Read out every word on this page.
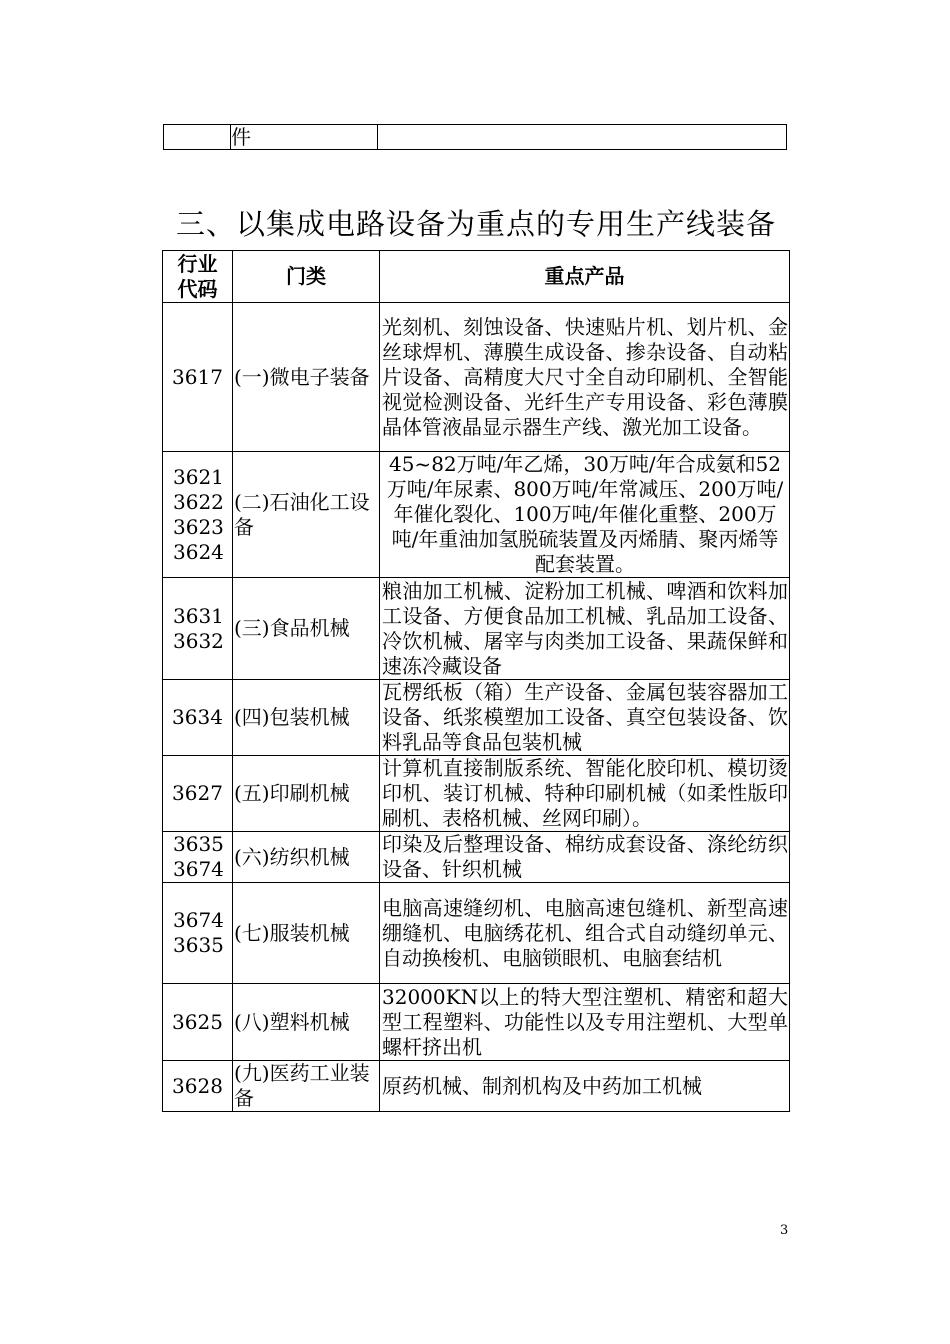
	件	
三、以集成电路设备为重点的专用生产线装备
行业代码	门类	重点产品
3617	(一)微电子装备	光刻机、刻蚀设备、快速贴片机、划片机、金丝球焊机、薄膜生成设备、掺杂设备、自动粘片设备、高精度大尺寸全自动印刷机、全智能视觉检测设备、光纤生产专用设备、彩色薄膜晶体管液晶显示器生产线、激光加工设备。
3621 3622 3623 3624	(二)石油化工设备	45~82万吨/年乙烯，30万吨/年合成氨和52万吨/年尿素、800万吨/年常减压、200万吨/年催化裂化、100万吨/年催化重整、200万吨/年重油加氢脱硫装置及丙烯腈、聚丙烯等配套装置。
3631 3632	(三)食品机械	粮油加工机械、淀粉加工机械、啤酒和饮料加工设备、方便食品加工机械、乳品加工设备、冷饮机械、屠宰与肉类加工设备、果蔬保鲜和速冻冷藏设备
3634	(四)包装机械	瓦楞纸板（箱）生产设备、金属包装容器加工设备、纸浆模塑加工设备、真空包装设备、饮料乳品等食品包装机械
3627	(五)印刷机械	计算机直接制版系统、智能化胶印机、模切烫印机、装订机械、特种印刷机械（如柔性版印刷机、表格机械、丝网印刷）。
3635 3674	(六)纺织机械	印染及后整理设备、棉纺成套设备、涤纶纺织设备、针织机械
3674 3635	(七)服装机械	电脑高速缝纫机、电脑高速包缝机、新型高速绷缝机、电脑绣花机、组合式自动缝纫单元、自动换梭机、电脑锁眼机、电脑套结机
3625	(八)塑料机械	32000KN以上的特大型注塑机、精密和超大型工程塑料、功能性以及专用注塑机、大型单螺杆挤出机
3628	(九)医药工业装备	原药机械、制剂机构及中药加工机械
3
